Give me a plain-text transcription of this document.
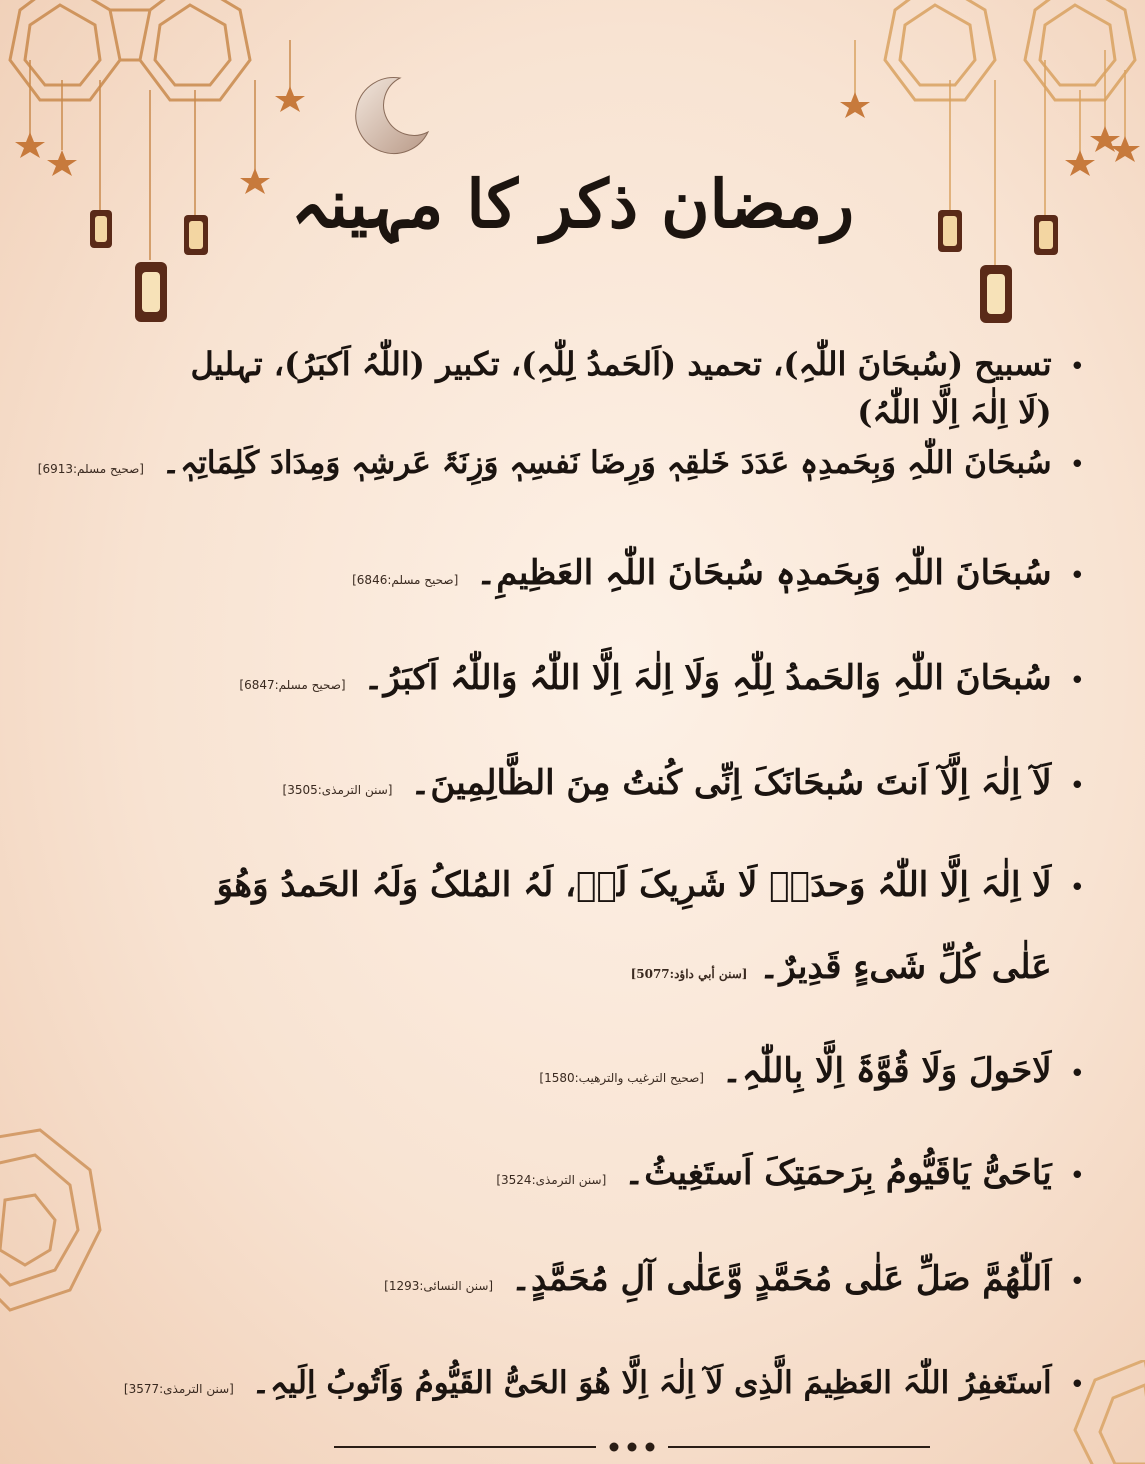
رمضان ذکر کا مہینہ
•
تسبیح (سُبحَانَ اللّٰہِ)، تحمید (اَلحَمدُ لِلّٰہِ)، تکبیر (اللّٰہُ اَکبَرُ)، تہلیل (لَا اِلٰہَ اِلَّا اللّٰہُ)
•
سُبحَانَ اللّٰہِ وَبِحَمدِہٖ عَدَدَ خَلقِہٖ وَرِضَا نَفسِہٖ وَزِنَۃَ عَرشِہٖ وَمِدَادَ کَلِمَاتِہٖ۔
[صحیح مسلم:6913]
•
سُبحَانَ اللّٰہِ وَبِحَمدِہٖ سُبحَانَ اللّٰہِ العَظِیمِ۔
[صحیح مسلم:6846]
•
سُبحَانَ اللّٰہِ وَالحَمدُ لِلّٰہِ وَلَا اِلٰہَ اِلَّا اللّٰہُ وَاللّٰہُ اَکبَرُ۔
[صحیح مسلم:6847]
•
لَآ اِلٰہَ اِلَّآ اَنتَ سُبحَانَکَ اِنِّی کُنتُ مِنَ الظَّالِمِینَ۔
[سنن الترمذی:3505]
•
لَا اِلٰہَ اِلَّا اللّٰہُ وَحدَہٗ لَا شَرِیکَ لَہٗ، لَہُ المُلکُ وَلَہُ الحَمدُ وَھُوَ عَلٰی کُلِّ شَیءٍ قَدِیرٌ۔ [سنن أبي داؤد:5077]
•
لَاحَولَ وَلَا قُوَّۃَ اِلَّا بِاللّٰہِ۔
[صحیح الترغیب والترھیب:1580]
•
یَاحَیُّ یَاقَیُّومُ بِرَحمَتِکَ اَستَغِیثُ۔
[سنن الترمذی:3524]
•
اَللّٰھُمَّ صَلِّ عَلٰی مُحَمَّدٍ وَّعَلٰی آلِ مُحَمَّدٍ۔
[سنن النسائی:1293]
•
اَستَغفِرُ اللّٰہَ العَظِیمَ الَّذِی لَآ اِلٰہَ اِلَّا ھُوَ الحَیُّ القَیُّومُ وَاَتُوبُ اِلَیہِ۔
[سنن الترمذی:3577]
